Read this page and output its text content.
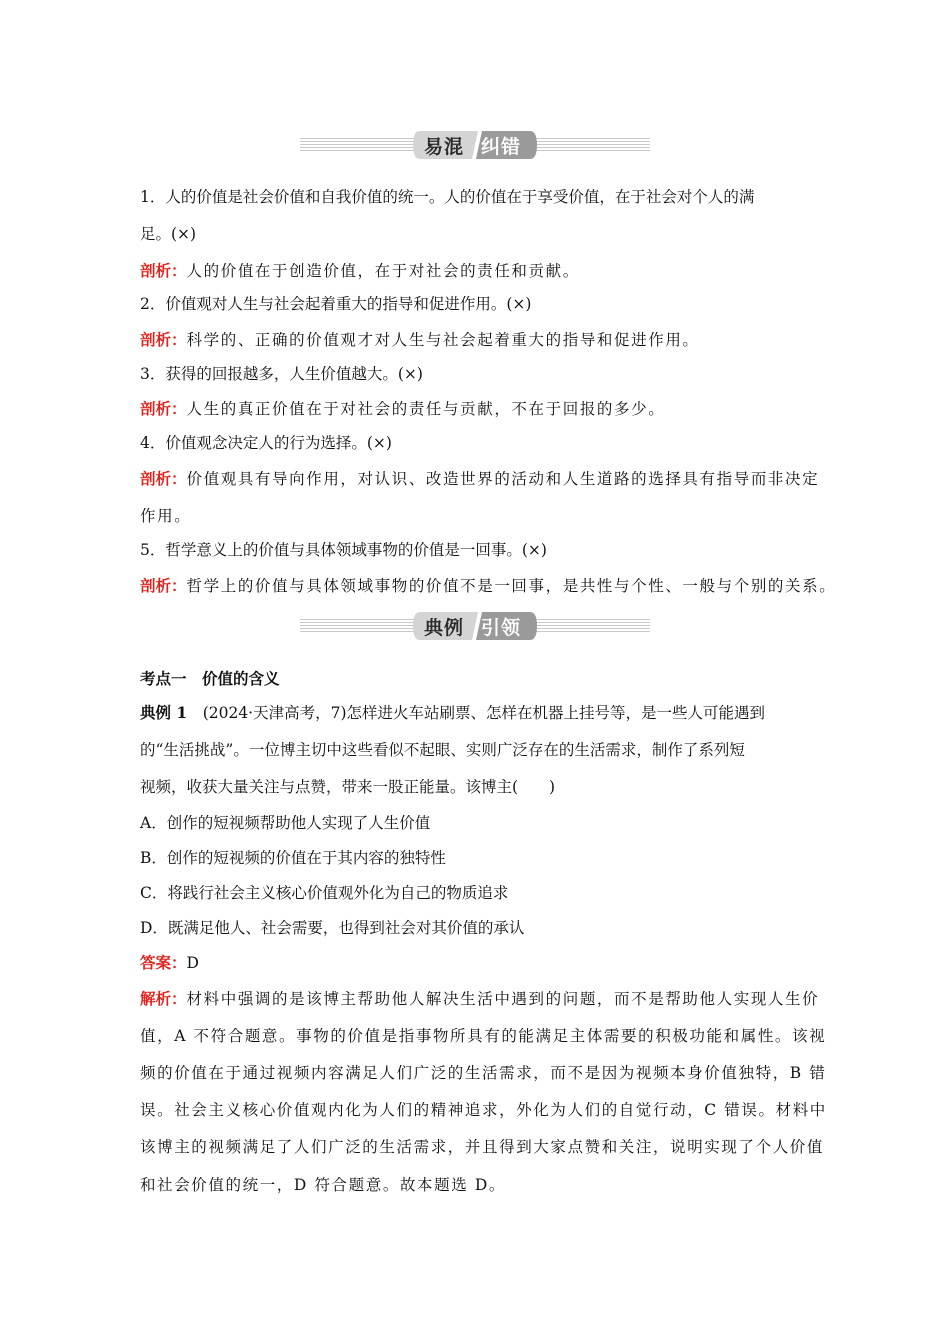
易混 纠错
1．人的价值是社会价值和自我价值的统一。人的价值在于享受价值，在于社会对个人的满
足。(×)
剖析：人的价值在于创造价值，在于对社会的责任和贡献。
2．价值观对人生与社会起着重大的指导和促进作用。(×)
剖析：科学的、正确的价值观才对人生与社会起着重大的指导和促进作用。
3．获得的回报越多，人生价值越大。(×)
剖析：人生的真正价值在于对社会的责任与贡献，不在于回报的多少。
4．价值观念决定人的行为选择。(×)
剖析：价值观具有导向作用，对认识、改造世界的活动和人生道路的选择具有指导而非决定
作用。
5．哲学意义上的价值与具体领域事物的价值是一回事。(×)
剖析：哲学上的价值与具体领域事物的价值不是一回事，是共性与个性、一般与个别的关系。
典例 引领
考点一　价值的含义
典例 1　(2024·天津高考，7)怎样进火车站刷票、怎样在机器上挂号等，是一些人可能遇到
的“生活挑战”。一位博主切中这些看似不起眼、实则广泛存在的生活需求，制作了系列短
视频，收获大量关注与点赞，带来一股正能量。该博主(　　)
A．创作的短视频帮助他人实现了人生价值
B．创作的短视频的价值在于其内容的独特性
C．将践行社会主义核心价值观外化为自己的物质追求
D．既满足他人、社会需要，也得到社会对其价值的承认
答案：D
解析：材料中强调的是该博主帮助他人解决生活中遇到的问题，而不是帮助他人实现人生价
值，A 不符合题意。事物的价值是指事物所具有的能满足主体需要的积极功能和属性。该视
频的价值在于通过视频内容满足人们广泛的生活需求，而不是因为视频本身价值独特，B 错
误。社会主义核心价值观内化为人们的精神追求，外化为人们的自觉行动，C 错误。材料中
该博主的视频满足了人们广泛的生活需求，并且得到大家点赞和关注，说明实现了个人价值
和社会价值的统一，D 符合题意。故本题选 D。
